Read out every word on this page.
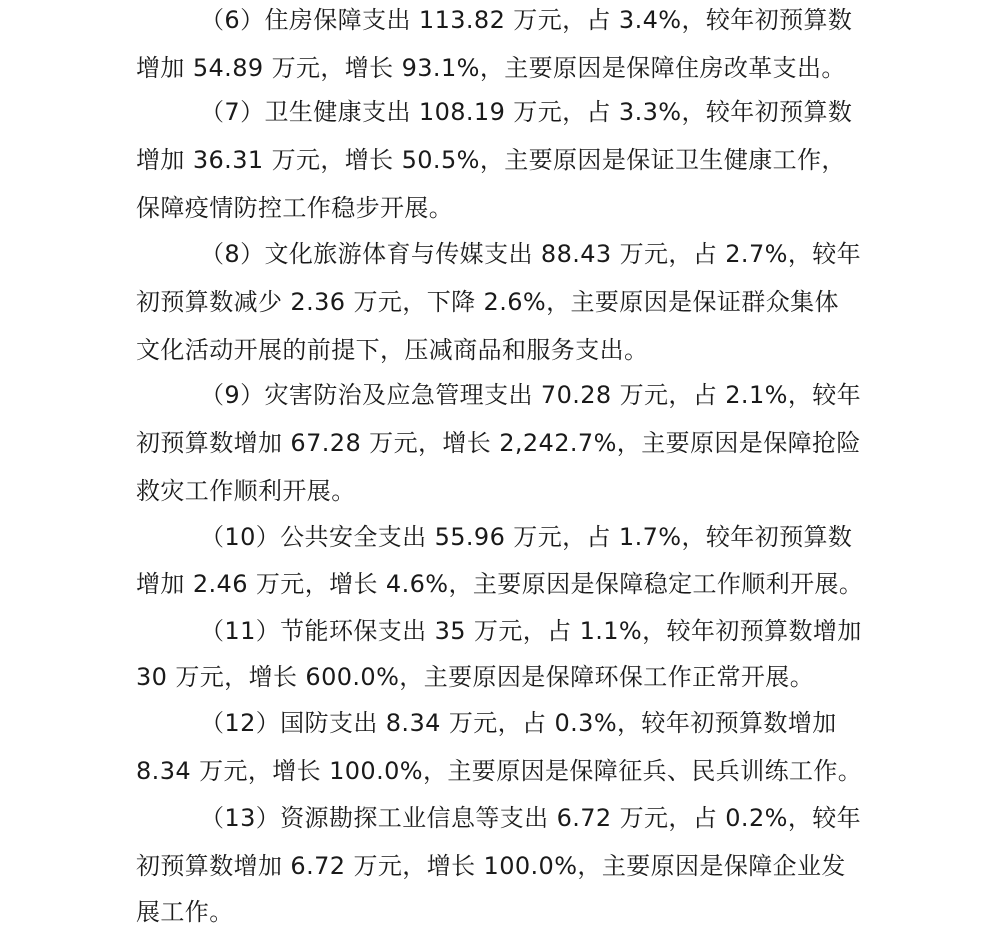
（6）住房保障支出 113.82 万元，占 3.4%，较年初预算数
增加 54.89 万元，增长 93.1%，主要原因是保障住房改革支出。
（7）卫生健康支出 108.19 万元，占 3.3%，较年初预算数
增加 36.31 万元，增长 50.5%，主要原因是保证卫生健康工作，
保障疫情防控工作稳步开展。
（8）文化旅游体育与传媒支出 88.43 万元，占 2.7%，较年
初预算数减少 2.36 万元，下降 2.6%，主要原因是保证群众集体
文化活动开展的前提下，压减商品和服务支出。
（9）灾害防治及应急管理支出 70.28 万元，占 2.1%，较年
初预算数增加 67.28 万元，增长 2,242.7%，主要原因是保障抢险
救灾工作顺利开展。
（10）公共安全支出 55.96 万元，占 1.7%，较年初预算数
增加 2.46 万元，增长 4.6%，主要原因是保障稳定工作顺利开展。
（11）节能环保支出 35 万元，占 1.1%，较年初预算数增加
30 万元，增长 600.0%，主要原因是保障环保工作正常开展。
（12）国防支出 8.34 万元，占 0.3%，较年初预算数增加
8.34 万元，增长 100.0%，主要原因是保障征兵、民兵训练工作。
（13）资源勘探工业信息等支出 6.72 万元，占 0.2%，较年
初预算数增加 6.72 万元，增长 100.0%，主要原因是保障企业发
展工作。
